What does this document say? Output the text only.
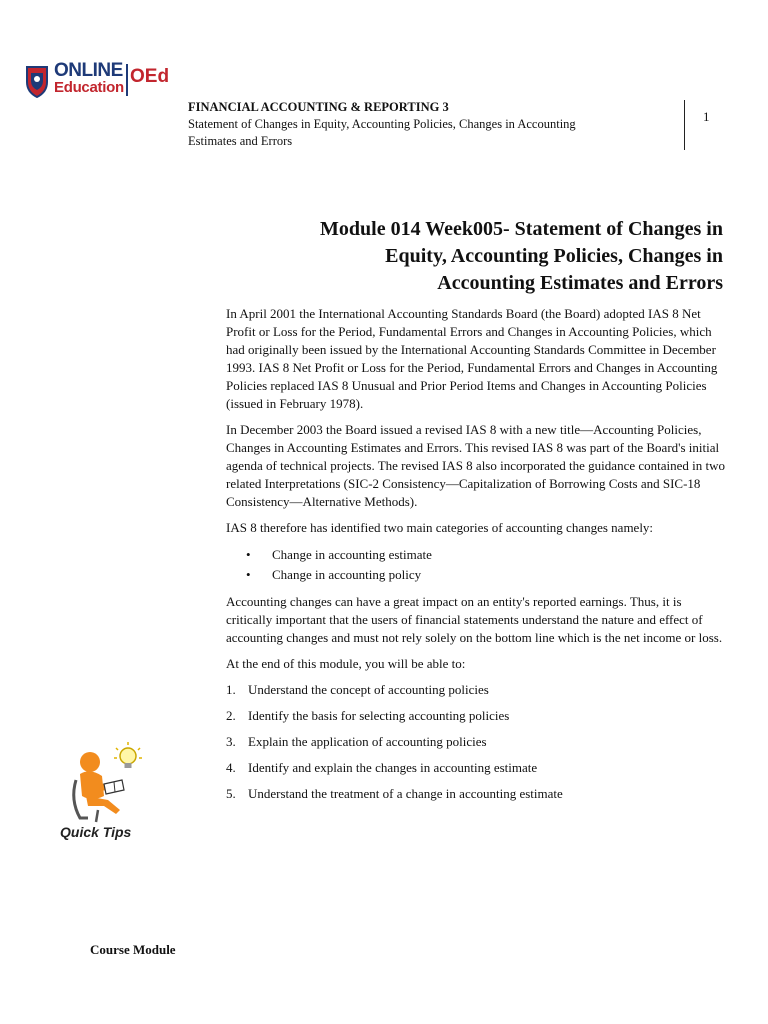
ONLINE
Education
OEd
FINANCIAL ACCOUNTING & REPORTING 3
Statement of Changes in Equity, Accounting Policies, Changes in Accounting
Estimates and Errors
1
Module 014 Week005- Statement of Changes in
Equity, Accounting Policies, Changes in
Accounting Estimates and Errors

In April 2001 the International Accounting Standards Board (the Board) adopted IAS 8 Net Profit or Loss for the Period, Fundamental Errors and Changes in Accounting Policies, which had originally been issued by the International Accounting Standards Committee in December 1993. IAS 8 Net Profit or Loss for the Period, Fundamental Errors and Changes in Accounting Policies replaced IAS 8 Unusual and Prior Period Items and Changes in Accounting Policies (issued in February 1978).

In December 2003 the Board issued a revised IAS 8 with a new title—Accounting Policies, Changes in Accounting Estimates and Errors. This revised IAS 8 was part of the Board's initial agenda of technical projects. The revised IAS 8 also incorporated the guidance contained in two related Interpretations (SIC-2 Consistency—Capitalization of Borrowing Costs and SIC-18 Consistency—Alternative Methods).

IAS 8 therefore has identified two main categories of accounting changes namely:

• Change in accounting estimate
• Change in accounting policy

Accounting changes can have a great impact on an entity's reported earnings. Thus, it is critically important that the users of financial statements understand the nature and effect of accounting changes and must not rely solely on the bottom line which is the net income or loss.

At the end of this module, you will be able to:

1. Understand the concept of accounting policies
2. Identify the basis for selecting accounting policies
3. Explain the application of accounting policies
4. Identify and explain the changes in accounting estimate
5. Understand the treatment of a change in accounting estimate
Quick Tips
Course Module
